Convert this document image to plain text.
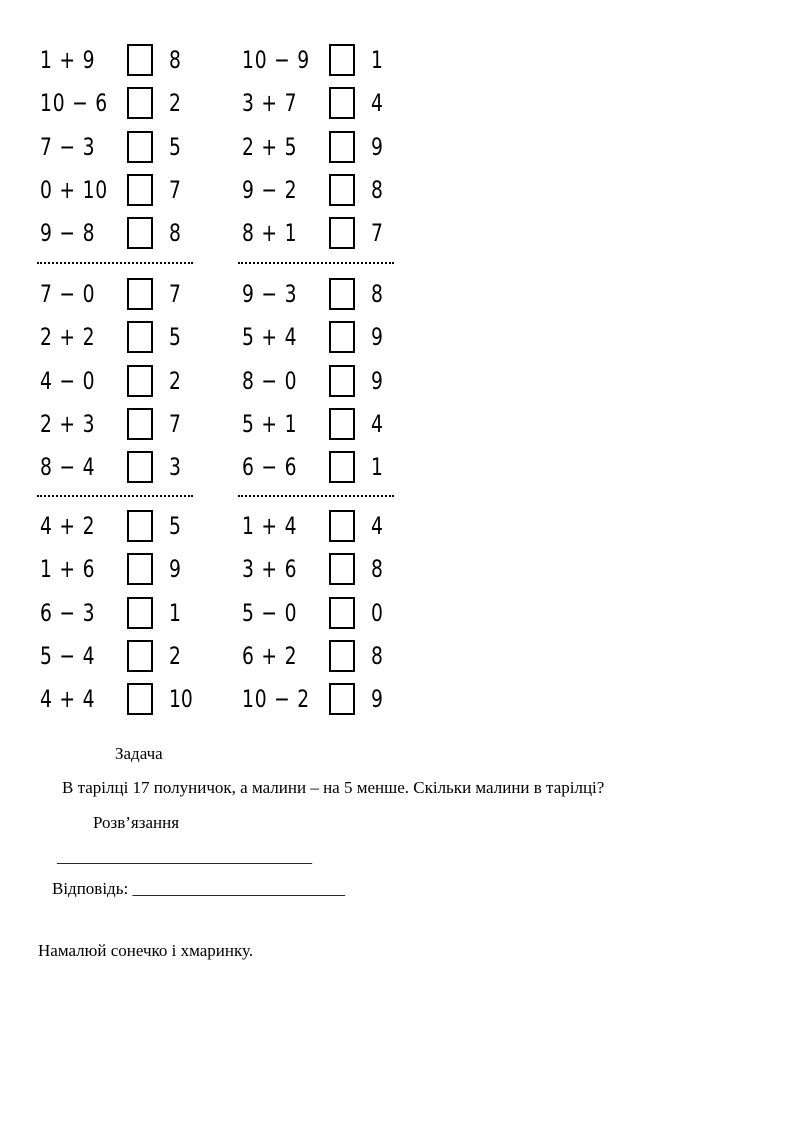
1 + 9	8
10 − 6	2
7 − 3	5
0 + 10	7
9 − 8	8
7 − 0	7
2 + 2	5
4 − 0	2
2 + 3	7
8 − 4	3
4 + 2	5
1 + 6	9
6 − 3	1
5 − 4	2
4 + 4	10
10 − 9	1
3 + 7	4
2 + 5	9
9 − 2	8
8 + 1	7
9 − 3	8
5 + 4	9
8 − 0	9
5 + 1	4
6 − 6	1
1 + 4	4
3 + 6	8
5 − 0	0
6 + 2	8
10 − 2	9
Задача
В тарілці 17 полуничок, а малини – на 5 менше. Скільки малини в тарілці?
Розв’язання
______________________________
Відповідь: _________________________
Намалюй сонечко і хмаринку.
